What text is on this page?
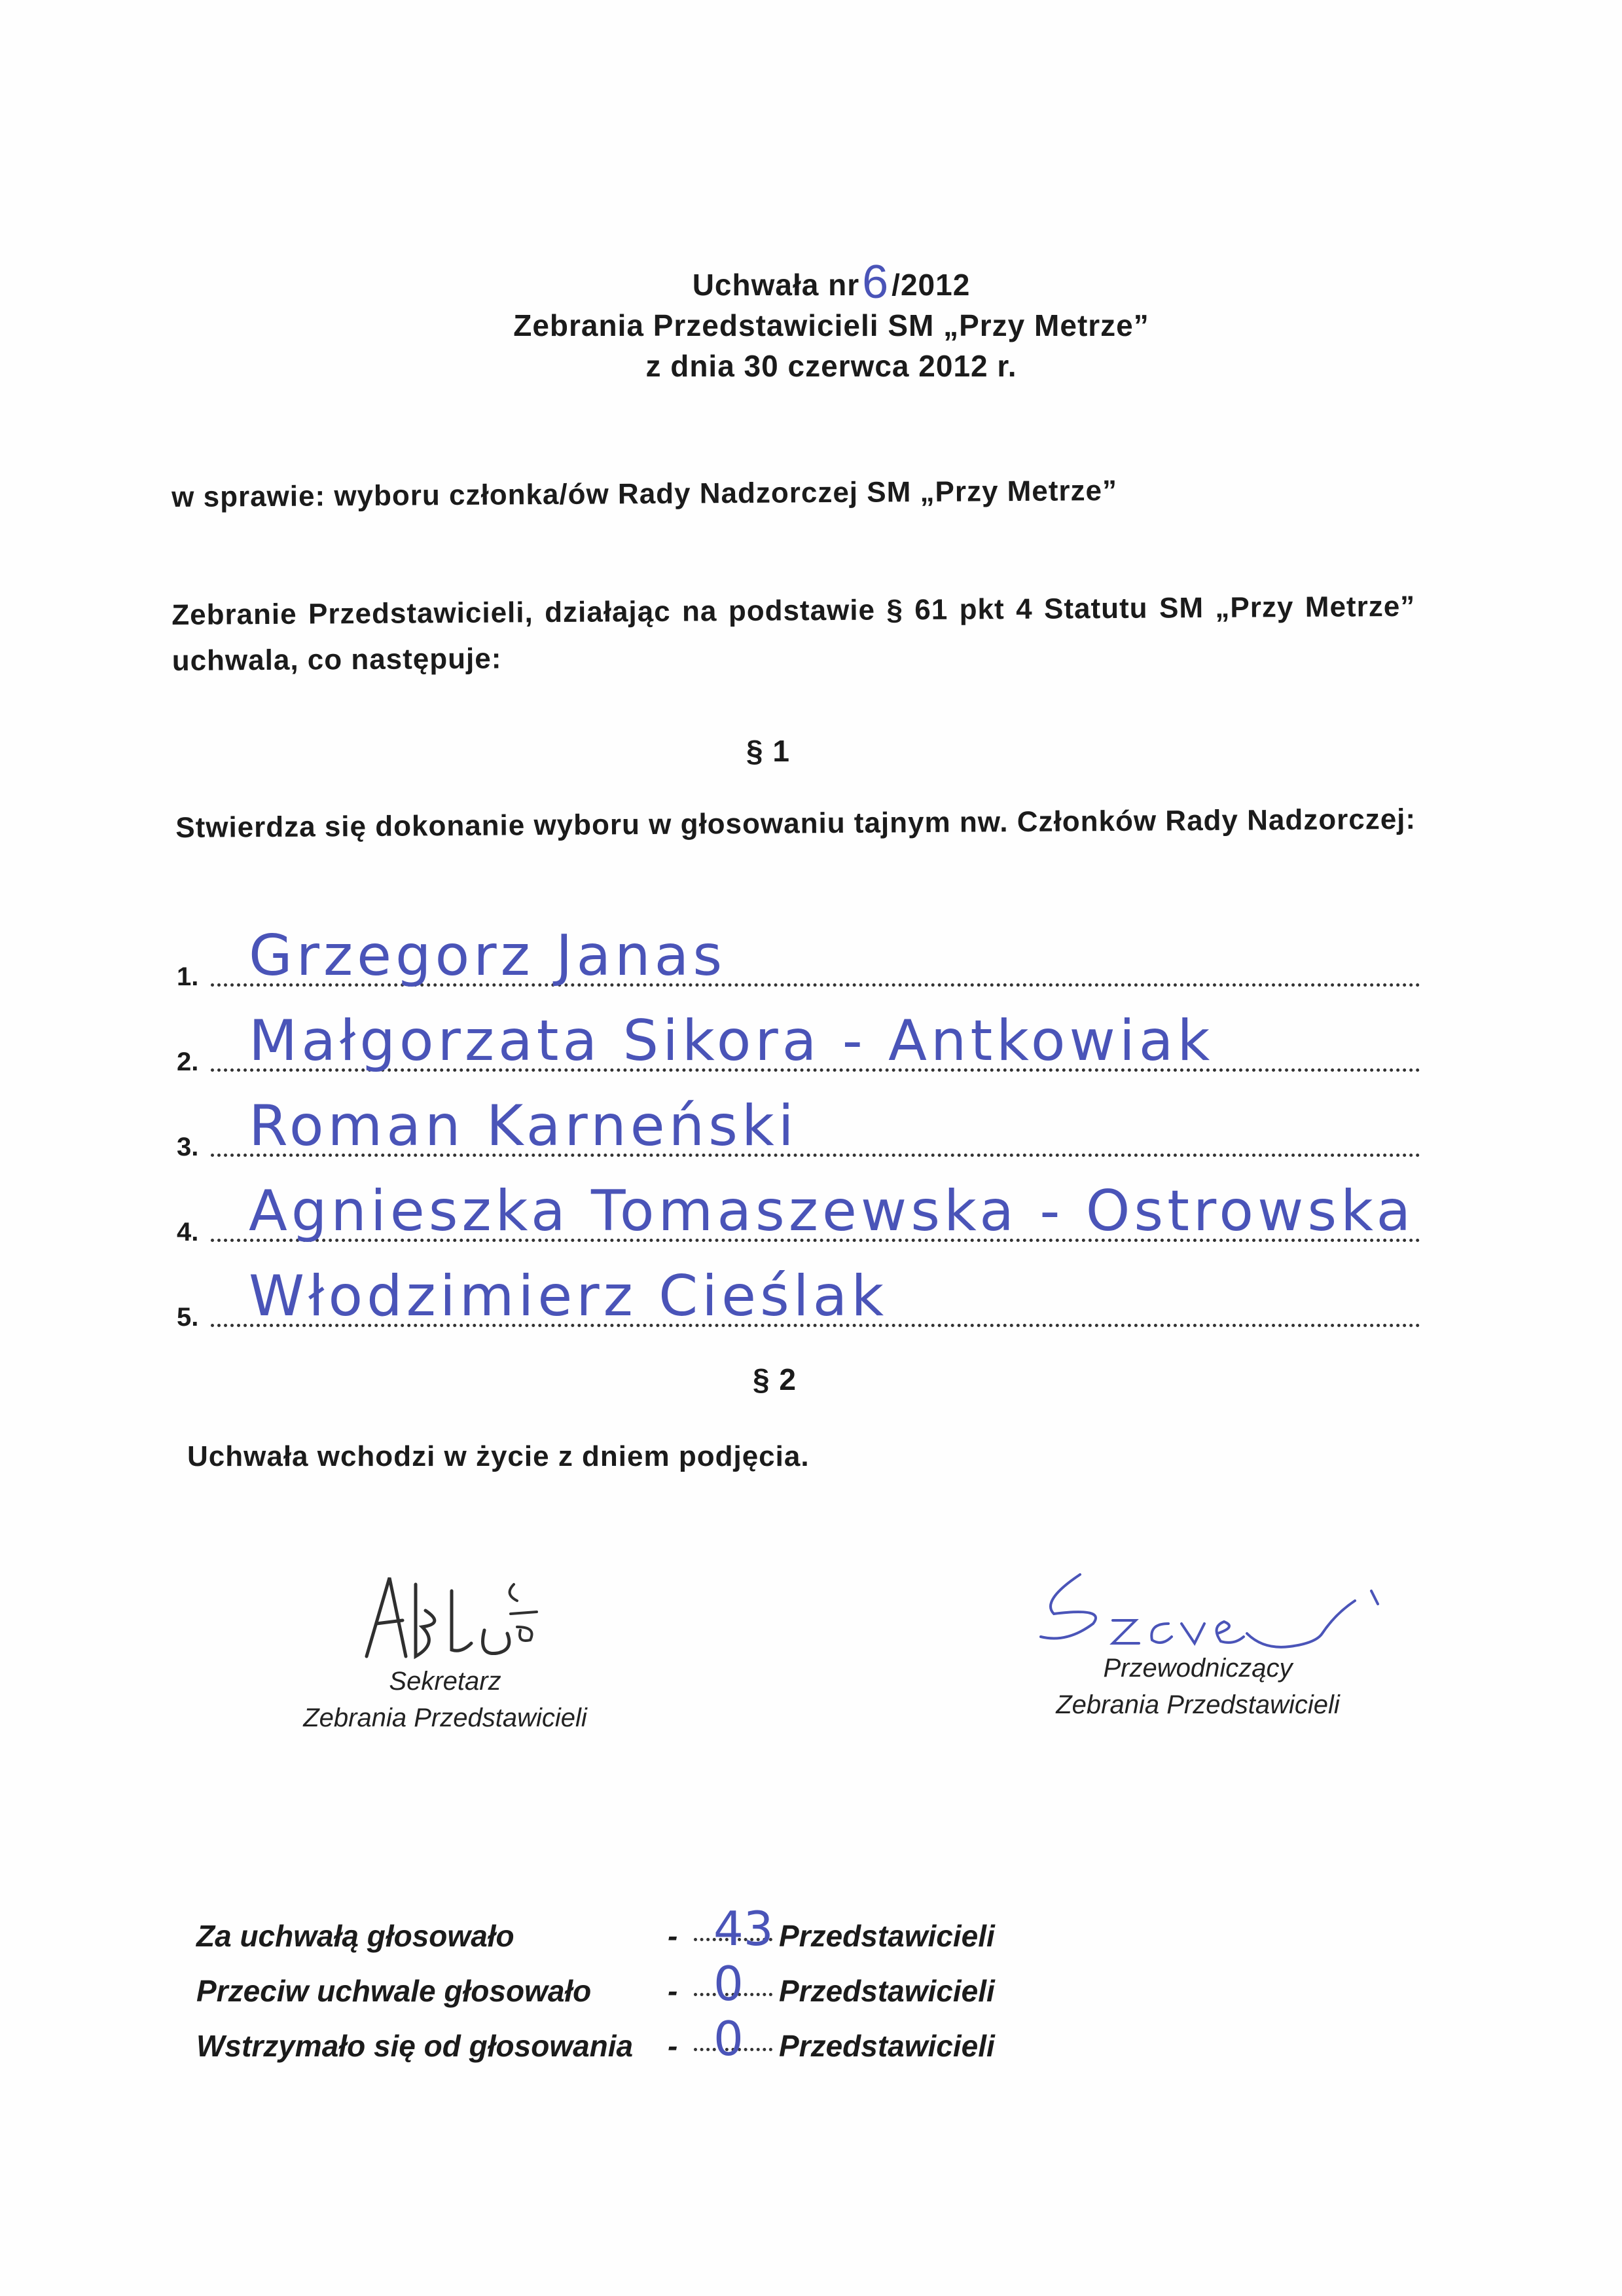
Uchwała nr6/2012
Zebrania Przedstawicieli SM „Przy Metrze”
z dnia 30 czerwca 2012 r.
w sprawie: wyboru członka/ów Rady Nadzorczej SM „Przy Metrze”
Zebranie Przedstawicieli, działając na podstawie § 61 pkt 4 Statutu SM „Przy Metrze” uchwala, co następuje:
§ 1
Stwierdza się dokonanie wyboru w głosowaniu tajnym nw. Członków Rady Nadzorczej:
1. Grzegorz Janas
2. Małgorzata Sikora - Antkowiak
3. Roman Karneński
4. Agnieszka Tomaszewska - Ostrowska
5. Włodzimierz Cieślak
§ 2
Uchwała wchodzi w życie z dniem podjęcia.
Sekretarz
Zebrania Przedstawicieli
Przewodniczący
Zebrania Przedstawicieli
Za uchwałą głosowało	- 43 Przedstawicieli
Przeciw uchwale głosowało	- 0 Przedstawicieli
Wstrzymało się od głosowania - 0 Przedstawicieli
